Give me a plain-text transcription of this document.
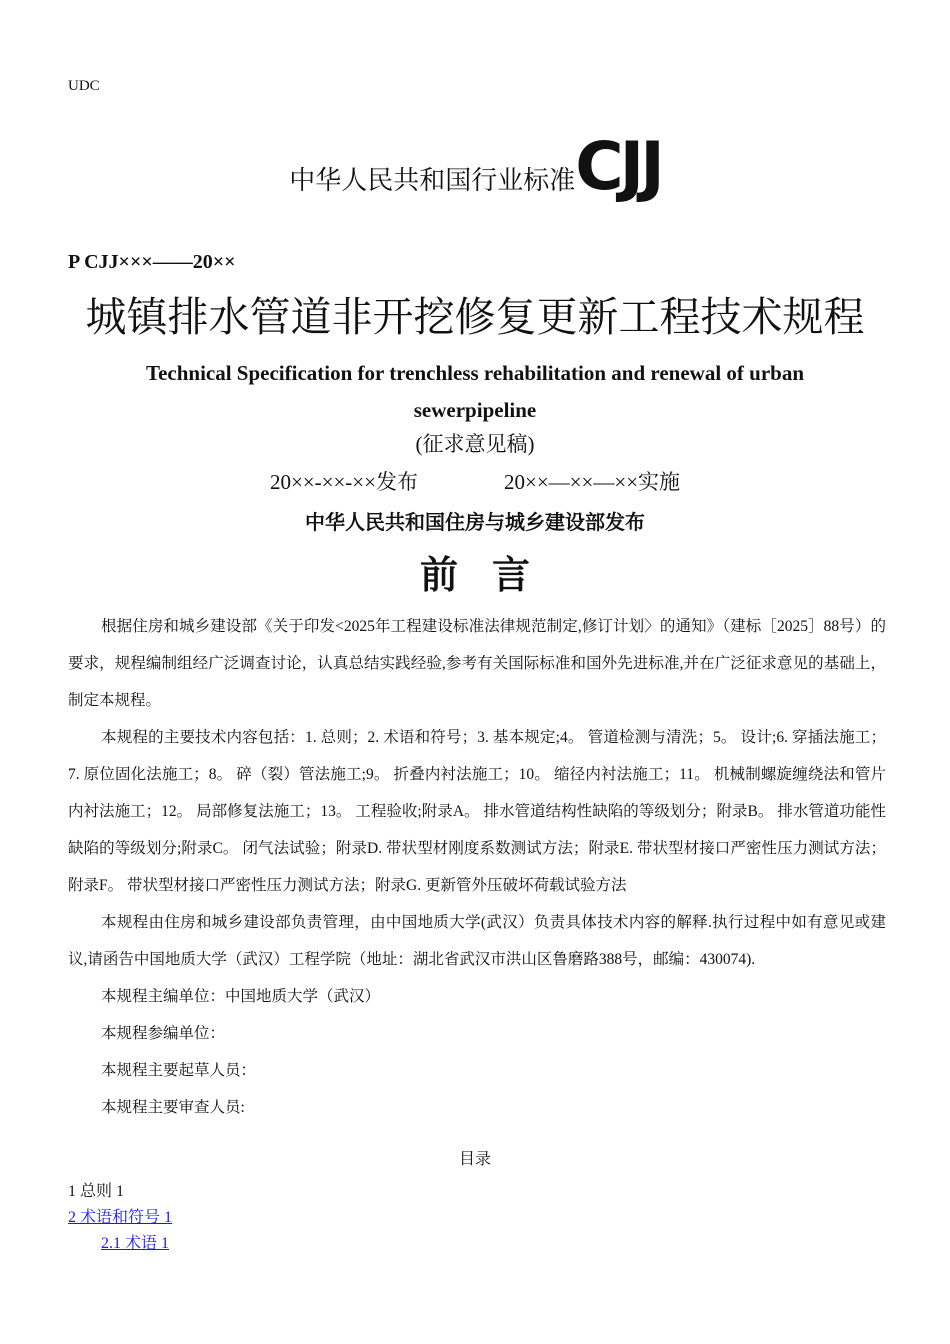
UDC
中华人民共和国行业标准CJJ
P CJJ×××——20××
城镇排水管道非开挖修复更新工程技术规程
Technical Specification for trenchless rehabilitation and renewal of urban sewerpipeline
(征求意见稿)
20××-××-××发布	20××—××—××实施
中华人民共和国住房与城乡建设部发布
前 言

根据住房和城乡建设部《关于印发<2025年工程建设标准法律规范制定,修订计划〉的通知》（建标［2025］88号）的要求，规程编制组经广泛调查讨论，认真总结实践经验,参考有关国际标准和国外先进标准,并在广泛征求意见的基础上，制定本规程。

本规程的主要技术内容包括：1. 总则；2. 术语和符号；3. 基本规定;4。 管道检测与清洗；5。 设计;6. 穿插法施工；7. 原位固化法施工；8。 碎（裂）管法施工;9。 折叠内衬法施工；10。 缩径内衬法施工；11。 机械制螺旋缠绕法和管片内衬法施工；12。 局部修复法施工；13。 工程验收;附录A。 排水管道结构性缺陷的等级划分；附录B。 排水管道功能性缺陷的等级划分;附录C。 闭气法试验；附录D. 带状型材刚度系数测试方法；附录E. 带状型材接口严密性压力测试方法；附录F。 带状型材接口严密性压力测试方法；附录G. 更新管外压破坏荷载试验方法

本规程由住房和城乡建设部负责管理，由中国地质大学(武汉）负责具体技术内容的解释.执行过程中如有意见或建议,请函告中国地质大学（武汉）工程学院（地址：湖北省武汉市洪山区鲁磨路388号，邮编：430074).

本规程主编单位：中国地质大学（武汉）

本规程参编单位：

本规程主要起草人员：

本规程主要审查人员:

目录
1 总则 1
2 术语和符号 1
2.1 术语 1
